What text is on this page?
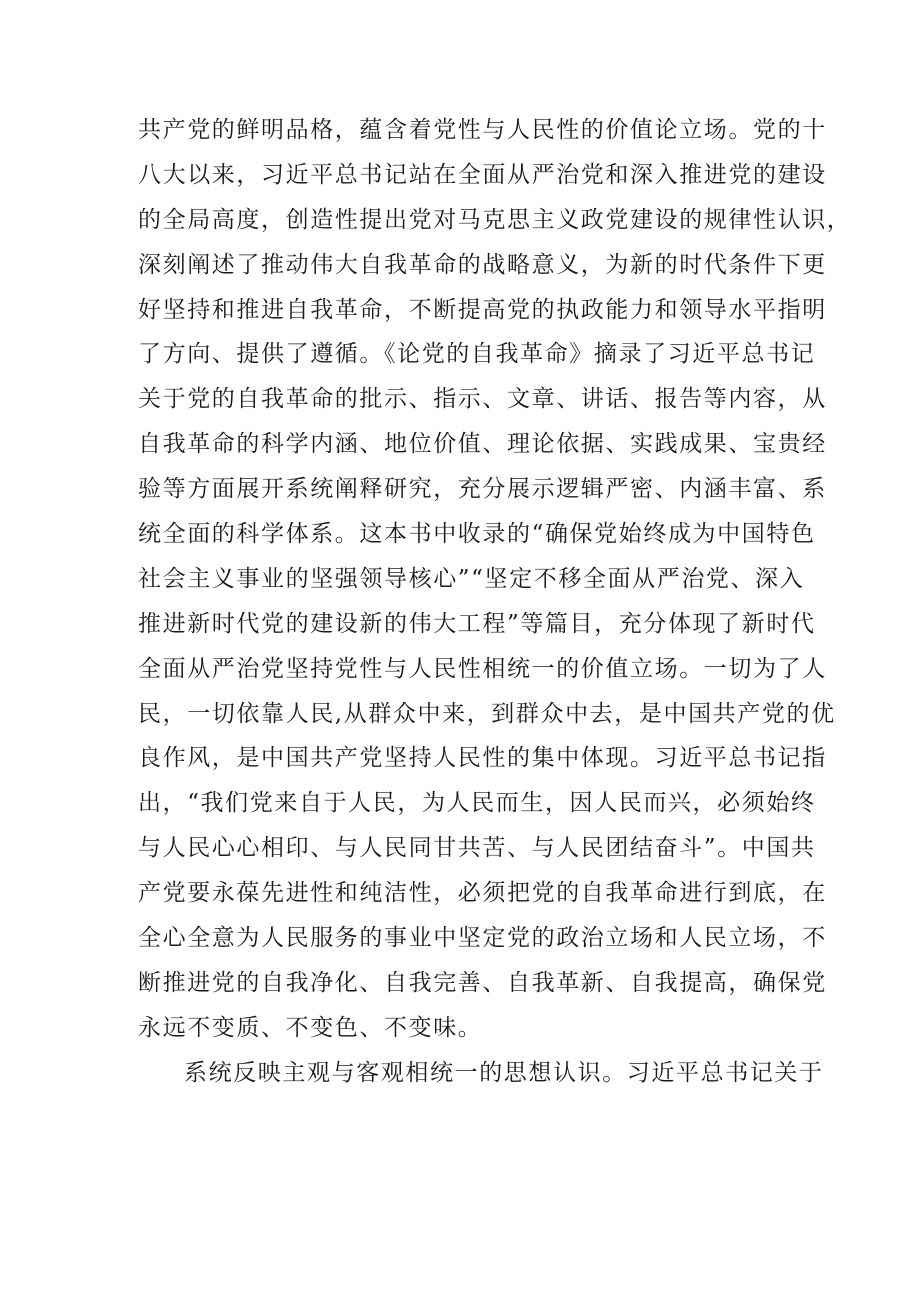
共产党的鲜明品格，蕴含着党性与人民性的价值论立场。党的十
八大以来，习近平总书记站在全面从严治党和深入推进党的建设
的全局高度，创造性提出党对马克思主义政党建设的规律性认识，
深刻阐述了推动伟大自我革命的战略意义，为新的时代条件下更
好坚持和推进自我革命，不断提高党的执政能力和领导水平指明
了方向、提供了遵循。《论党的自我革命》摘录了习近平总书记
关于党的自我革命的批示、指示、文章、讲话、报告等内容，从
自我革命的科学内涵、地位价值、理论依据、实践成果、宝贵经
验等方面展开系统阐释研究，充分展示逻辑严密、内涵丰富、系
统全面的科学体系。这本书中收录的“确保党始终成为中国特色
社会主义事业的坚强领导核心”“坚定不移全面从严治党、深入
推进新时代党的建设新的伟大工程”等篇目，充分体现了新时代
全面从严治党坚持党性与人民性相统一的价值立场。一切为了人
民，一切依靠人民,从群众中来，到群众中去，是中国共产党的优
良作风，是中国共产党坚持人民性的集中体现。习近平总书记指
出，“我们党来自于人民，为人民而生，因人民而兴，必须始终
与人民心心相印、与人民同甘共苦、与人民团结奋斗”。中国共
产党要永葆先进性和纯洁性，必须把党的自我革命进行到底，在
全心全意为人民服务的事业中坚定党的政治立场和人民立场，不
断推进党的自我净化、自我完善、自我革新、自我提高，确保党
永远不变质、不变色、不变味。
系统反映主观与客观相统一的思想认识。习近平总书记关于
